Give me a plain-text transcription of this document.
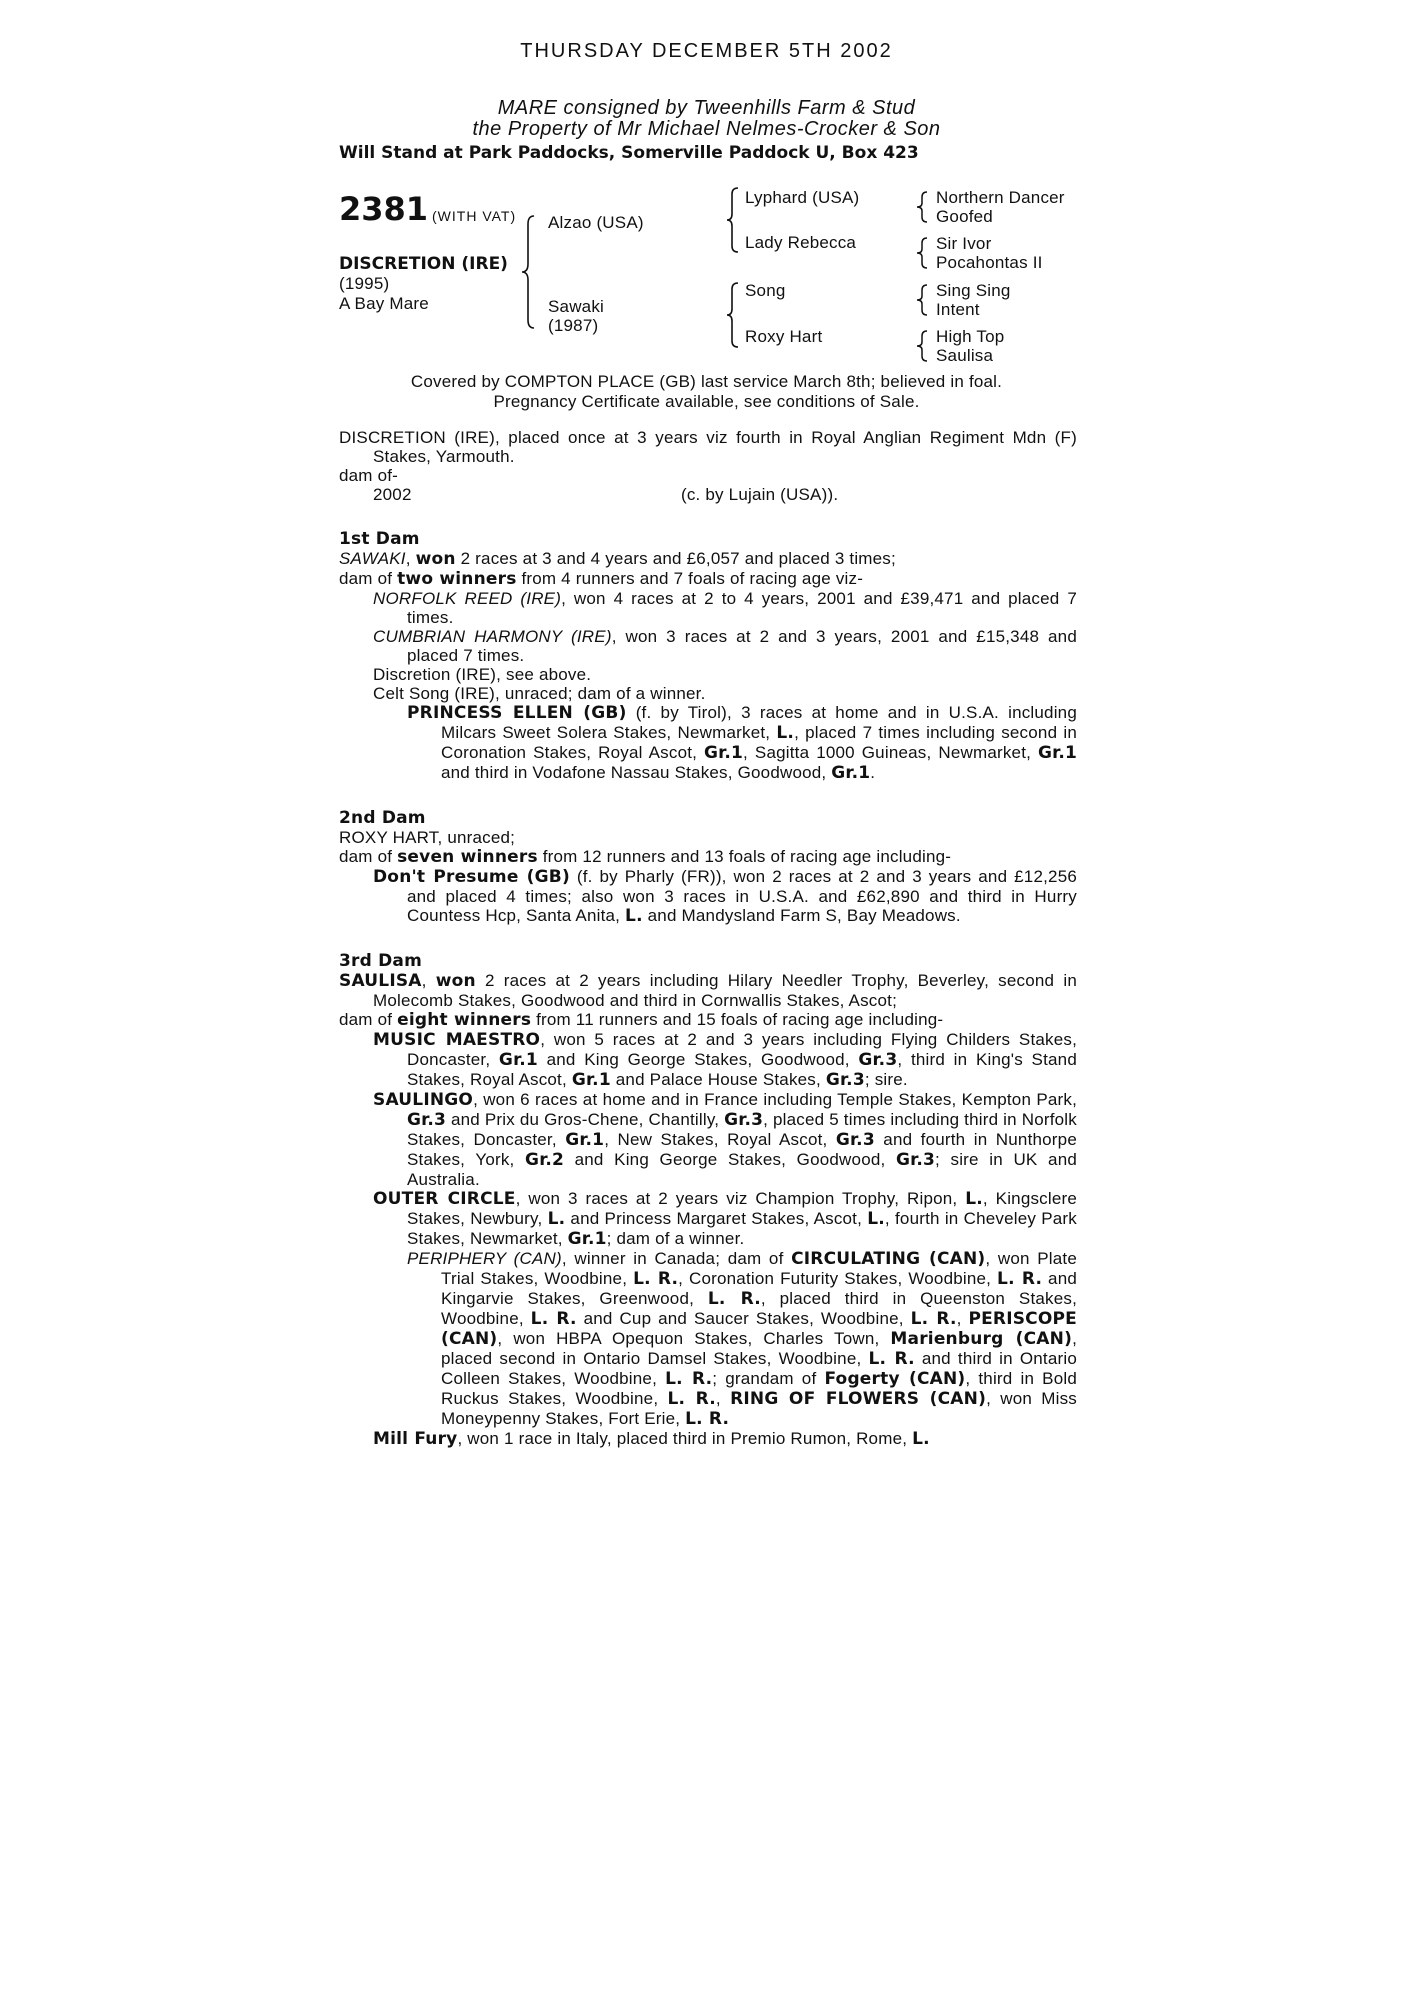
THURSDAY DECEMBER 5TH 2002
MARE consigned by Tweenhills Farm & Stud
the Property of Mr Michael Nelmes-Crocker & Son
Will Stand at Park Paddocks, Somerville Paddock U, Box 423
2381 (WITH VAT)
DISCRETION (IRE)
(1995)
A Bay Mare
Alzao (USA)
Sawaki
(1987)
Lyphard (USA)
Lady Rebecca
Song
Roxy Hart
Northern Dancer
Goofed
Sir Ivor
Pocahontas II
Sing Sing
Intent
High Top
Saulisa
Covered by COMPTON PLACE (GB) last service March 8th; believed in foal.
Pregnancy Certificate available, see conditions of Sale.

DISCRETION (IRE), placed once at 3 years viz fourth in Royal Anglian Regiment Mdn (F) Stakes, Yarmouth.

dam of-

2002	(c. by Lujain (USA)).

1st Dam

SAWAKI, won 2 races at 3 and 4 years and £6,057 and placed 3 times;

dam of two winners from 4 runners and 7 foals of racing age viz-

NORFOLK REED (IRE), won 4 races at 2 to 4 years, 2001 and £39,471 and placed 7 times.

CUMBRIAN HARMONY (IRE), won 3 races at 2 and 3 years, 2001 and £15,348 and placed 7 times.

Discretion (IRE), see above.

Celt Song (IRE), unraced; dam of a winner.

PRINCESS ELLEN (GB) (f. by Tirol), 3 races at home and in U.S.A. including Milcars Sweet Solera Stakes, Newmarket, L., placed 7 times including second in Coronation Stakes, Royal Ascot, Gr.1, Sagitta 1000 Guineas, Newmarket, Gr.1 and third in Vodafone Nassau Stakes, Goodwood, Gr.1.

2nd Dam

ROXY HART, unraced;

dam of seven winners from 12 runners and 13 foals of racing age including-

Don't Presume (GB) (f. by Pharly (FR)), won 2 races at 2 and 3 years and £12,256 and placed 4 times; also won 3 races in U.S.A. and £62,890 and third in Hurry Countess Hcp, Santa Anita, L. and Mandysland Farm S, Bay Meadows.

3rd Dam

SAULISA, won 2 races at 2 years including Hilary Needler Trophy, Beverley, second in Molecomb Stakes, Goodwood and third in Cornwallis Stakes, Ascot;

dam of eight winners from 11 runners and 15 foals of racing age including-

MUSIC MAESTRO, won 5 races at 2 and 3 years including Flying Childers Stakes, Doncaster, Gr.1 and King George Stakes, Goodwood, Gr.3, third in King's Stand Stakes, Royal Ascot, Gr.1 and Palace House Stakes, Gr.3; sire.

SAULINGO, won 6 races at home and in France including Temple Stakes, Kempton Park, Gr.3 and Prix du Gros-Chene, Chantilly, Gr.3, placed 5 times including third in Norfolk Stakes, Doncaster, Gr.1, New Stakes, Royal Ascot, Gr.3 and fourth in Nunthorpe Stakes, York, Gr.2 and King George Stakes, Goodwood, Gr.3; sire in UK and Australia.

OUTER CIRCLE, won 3 races at 2 years viz Champion Trophy, Ripon, L., Kingsclere Stakes, Newbury, L. and Princess Margaret Stakes, Ascot, L., fourth in Cheveley Park Stakes, Newmarket, Gr.1; dam of a winner.

PERIPHERY (CAN), winner in Canada; dam of CIRCULATING (CAN), won Plate Trial Stakes, Woodbine, L. R., Coronation Futurity Stakes, Woodbine, L. R. and Kingarvie Stakes, Greenwood, L. R., placed third in Queenston Stakes, Woodbine, L. R. and Cup and Saucer Stakes, Woodbine, L. R., PERISCOPE (CAN), won HBPA Opequon Stakes, Charles Town, Marienburg (CAN), placed second in Ontario Damsel Stakes, Woodbine, L. R. and third in Ontario Colleen Stakes, Woodbine, L. R.; grandam of Fogerty (CAN), third in Bold Ruckus Stakes, Woodbine, L. R., RING OF FLOWERS (CAN), won Miss Moneypenny Stakes, Fort Erie, L. R.

Mill Fury, won 1 race in Italy, placed third in Premio Rumon, Rome, L.
